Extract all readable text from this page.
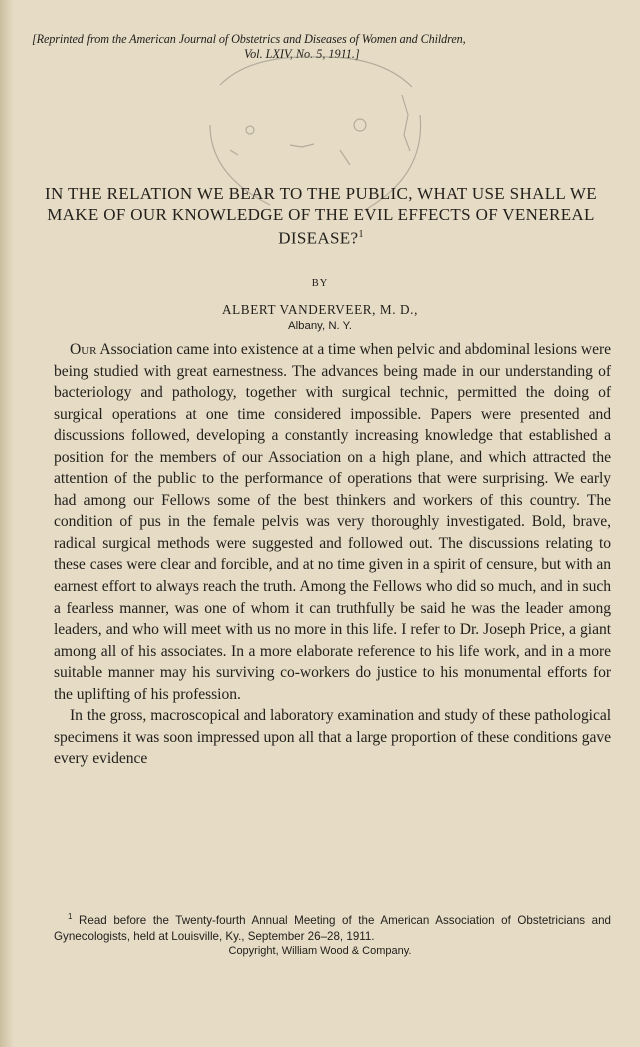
[Reprinted from the American Journal of Obstetrics and Diseases of Women and Children,
Vol. LXIV, No. 5, 1911.]
IN THE RELATION WE BEAR TO THE PUBLIC, WHAT USE SHALL WE MAKE OF OUR KNOWLEDGE OF THE EVIL EFFECTS OF VENEREAL DISEASE?$^1$
BY
ALBERT VANDERVEER, M. D.,
Albany, N. Y.

Our Association came into existence at a time when pelvic and abdominal lesions were being studied with great earnestness. The advances being made in our understanding of bacteriology and pathology, together with surgical technic, permitted the doing of surgical operations at one time considered impossible. Papers were presented and discussions followed, developing a constantly increasing knowledge that established a position for the members of our Association on a high plane, and which attracted the attention of the public to the performance of operations that were surprising. We early had among our Fellows some of the best thinkers and workers of this country. The condition of pus in the female pelvis was very thoroughly investigated. Bold, brave, radical surgical methods were suggested and followed out. The discussions relating to these cases were clear and forcible, and at no time given in a spirit of censure, but with an earnest effort to always reach the truth. Among the Fellows who did so much, and in such a fearless manner, was one of whom it can truthfully be said he was the leader among leaders, and who will meet with us no more in this life. I refer to Dr. Joseph Price, a giant among all of his associates. In a more elaborate reference to his life work, and in a more suitable manner may his surviving co-workers do justice to his monumental efforts for the uplifting of his profession.

In the gross, macroscopical and laboratory examination and study of these pathological specimens it was soon impressed upon all that a large proportion of these conditions gave every evidence

$^1$ Read before the Twenty-fourth Annual Meeting of the American Association of Obstetricians and Gynecologists, held at Louisville, Ky., September 26–28, 1911.

Copyright, William Wood & Company.
